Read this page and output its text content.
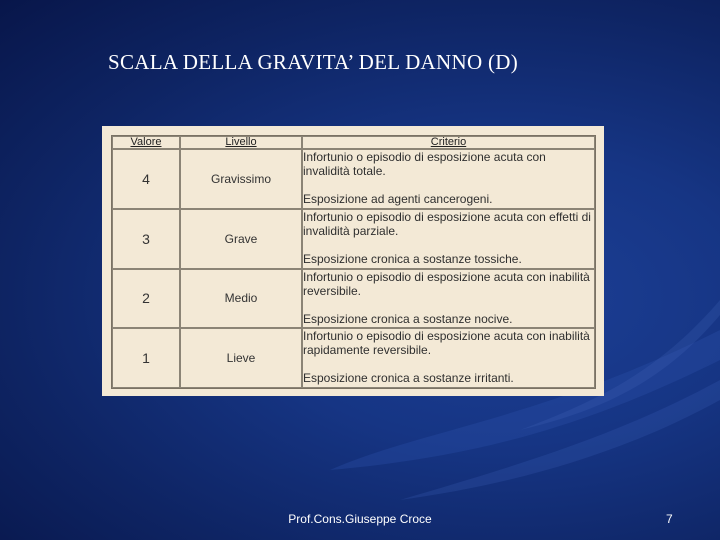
SCALA DELLA GRAVITA’ DEL DANNO (D)
Valore	Livello	Criterio
4	Gravissimo	Infortunio o episodio di esposizione acuta con invalidità totale.
Esposizione ad agenti cancerogeni.

3	Grave	Infortunio o episodio di esposizione acuta con effetti di invalidità parziale.
Esposizione cronica a sostanze tossiche.

2	Medio	Infortunio o episodio di esposizione acuta con inabilità reversibile.
Esposizione cronica a sostanze nocive.

1	Lieve	Infortunio o episodio di esposizione acuta con inabilità rapidamente reversibile.
Esposizione cronica a sostanze irritanti.
Prof.Cons.Giuseppe Croce	7
